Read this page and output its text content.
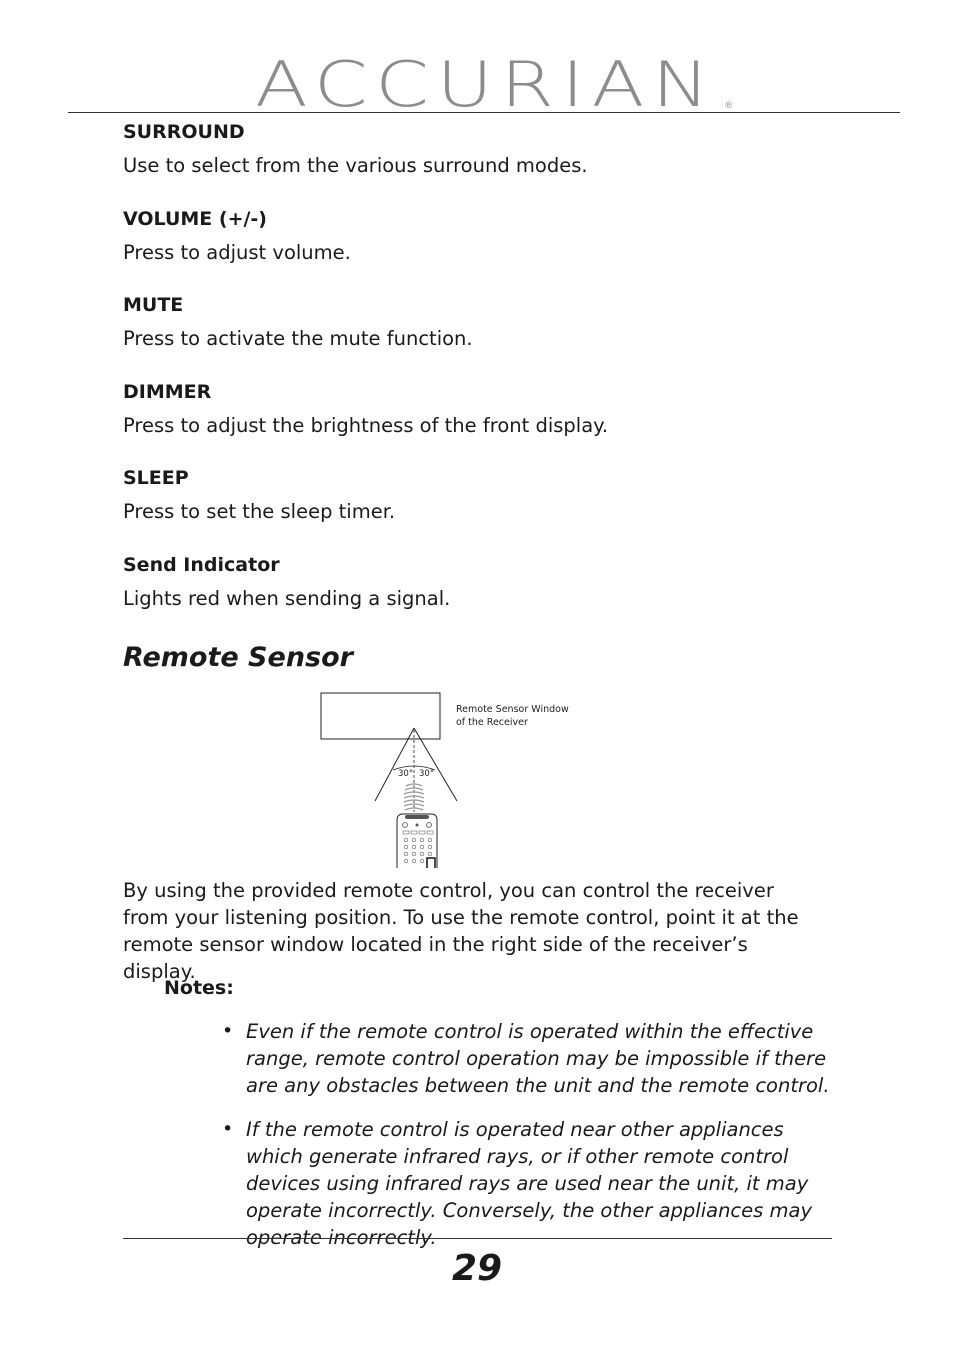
ACCURIAN ®

SURROUND

Use to select from the various surround modes.

VOLUME (+/-)

Press to adjust volume.

MUTE

Press to activate the mute function.

DIMMER

Press to adjust the brightness of the front display.

SLEEP

Press to set the sleep timer.

Send Indicator

Lights red when sending a signal.

Remote Sensor
30° 30°
Remote Sensor Window
of the Receiver

By using the provided remote control, you can control the receiver from your listening position. To use the remote control, point it at the remote sensor window located in the right side of the receiver’s display.

Notes:

• Even if the remote control is operated within the effective range, remote control operation may be impossible if there are any obstacles between the unit and the remote control.

• If the remote control is operated near other appliances which generate infrared rays, or if other remote control devices using infrared rays are used near the unit, it may operate incorrectly. Conversely, the other appliances may operate incorrectly.

29
